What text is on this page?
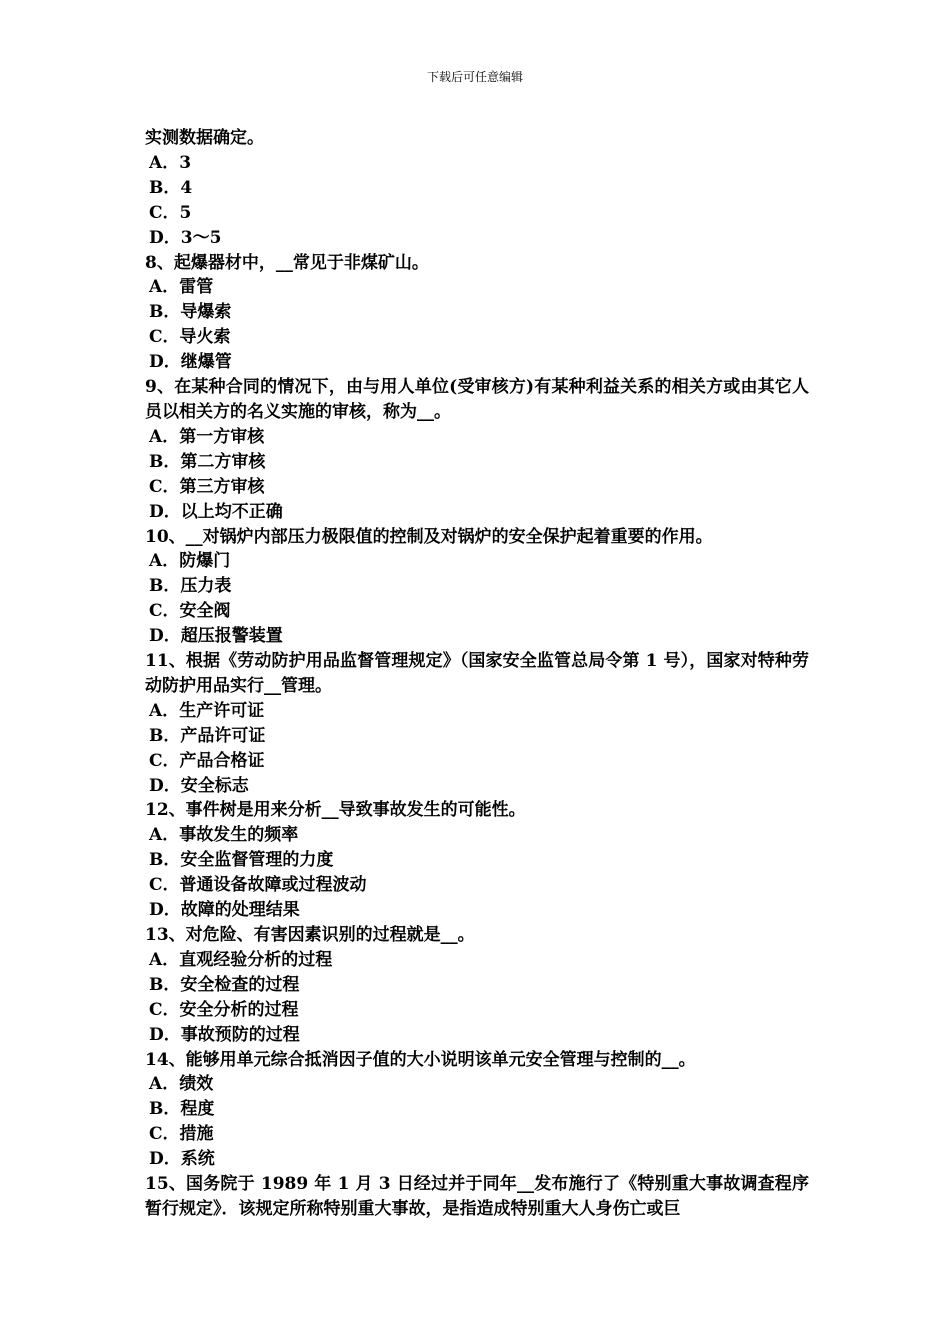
下载后可任意编辑
实测数据确定。
A．3
B．4
C．5
D．3～5
8、起爆器材中，__常见于非煤矿山。
A．雷管
B．导爆索
C．导火索
D．继爆管
9、在某种合同的情况下，由与用人单位(受审核方)有某种利益关系的相关方或由其它人员以相关方的名义实施的审核，称为__。
A．第一方审核
B．第二方审核
C．第三方审核
D．以上均不正确
10、__对锅炉内部压力极限值的控制及对锅炉的安全保护起着重要的作用。
A．防爆门
B．压力表
C．安全阀
D．超压报警装置
11、根据《劳动防护用品监督管理规定》（国家安全监管总局令第 1 号），国家对特种劳动防护用品实行__管理。
A．生产许可证
B．产品许可证
C．产品合格证
D．安全标志
12、事件树是用来分析__导致事故发生的可能性。
A．事故发生的频率
B．安全监督管理的力度
C．普通设备故障或过程波动
D．故障的处理结果
13、对危险、有害因素识别的过程就是__。
A．直观经验分析的过程
B．安全检查的过程
C．安全分析的过程
D．事故预防的过程
14、能够用单元综合抵消因子值的大小说明该单元安全管理与控制的__。
A．绩效
B．程度
C．措施
D．系统
15、国务院于 1989 年 1 月 3 日经过并于同年__发布施行了《特别重大事故调查程序暂行规定》．该规定所称特别重大事故，是指造成特别重大人身伤亡或巨
